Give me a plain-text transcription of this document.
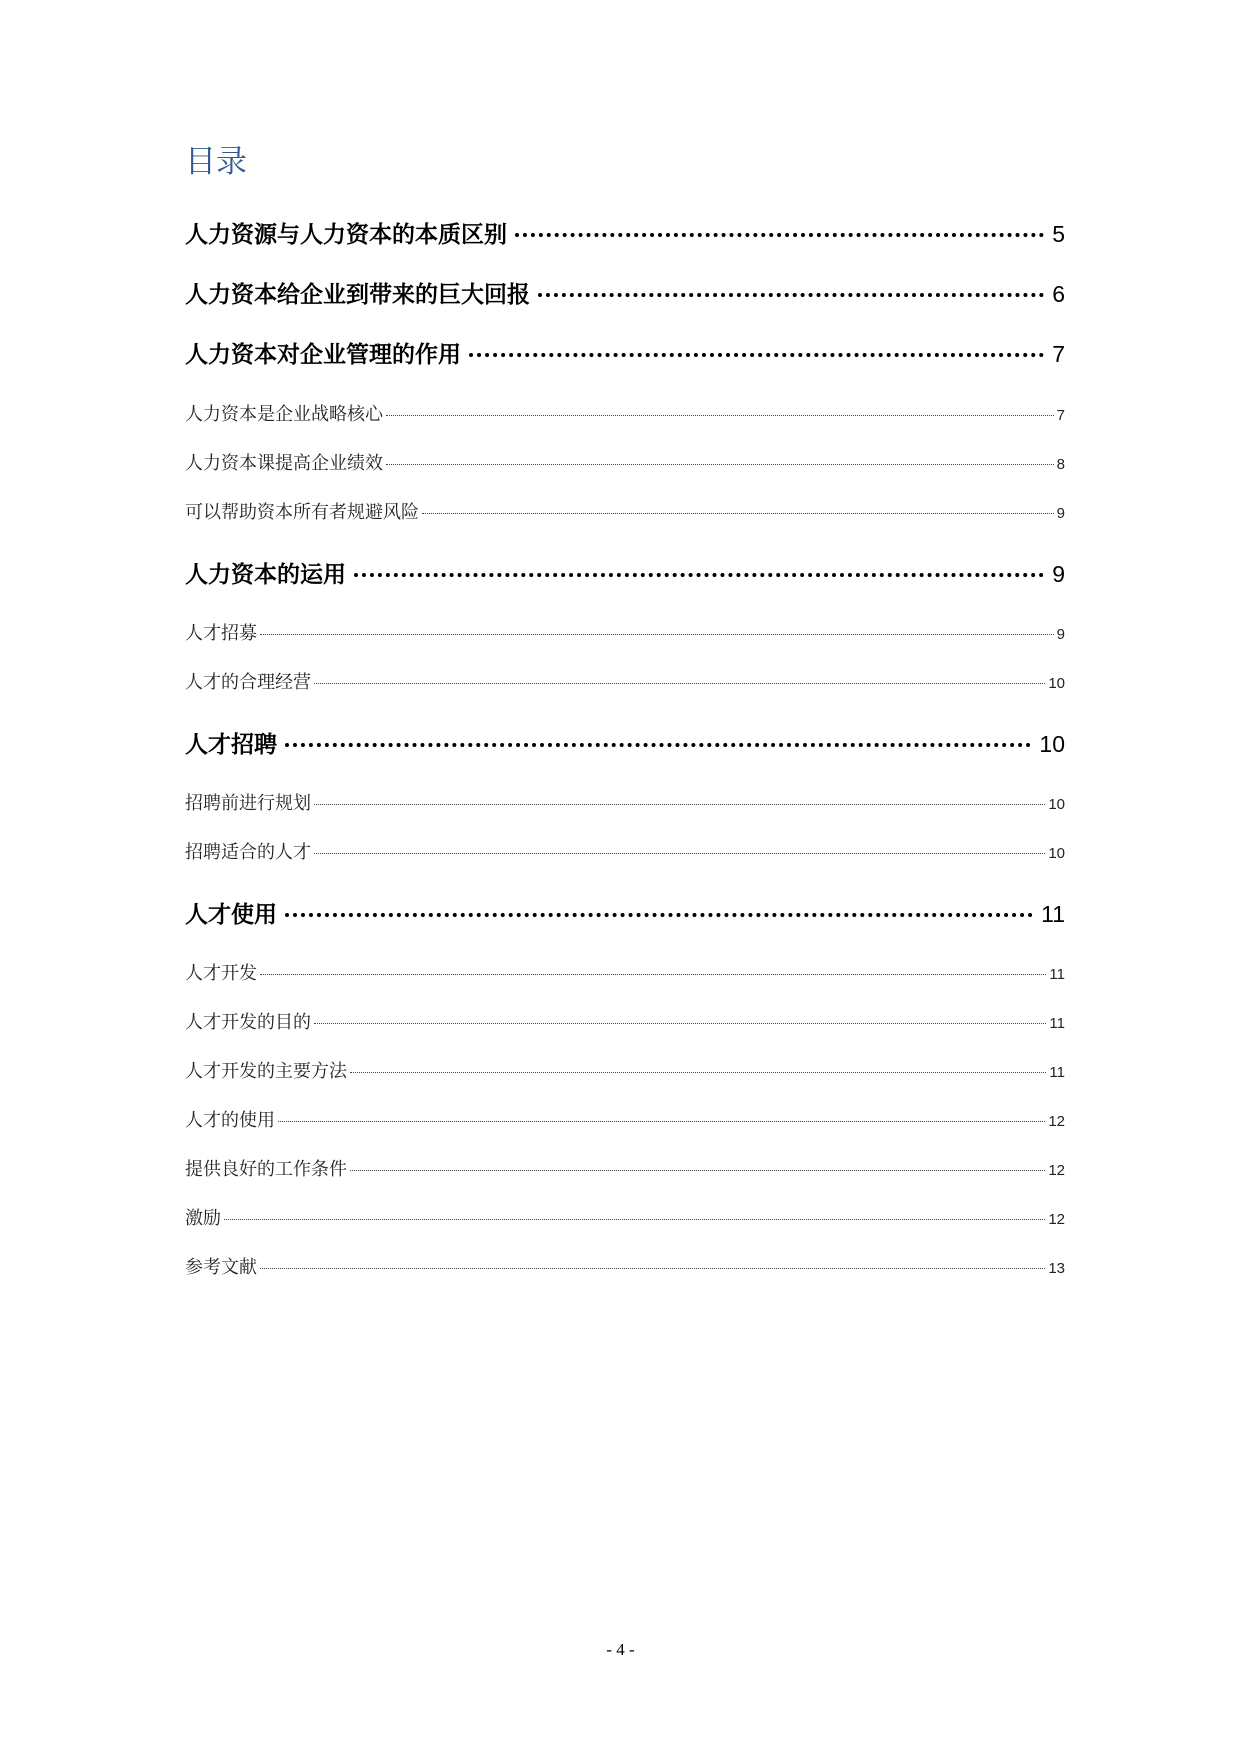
目录
人力资源与人力资本的本质区别	5
人力资本给企业到带来的巨大回报	6
人力资本对企业管理的作用	7
人力资本是企业战略核心	7
人力资本课提高企业绩效	8
可以帮助资本所有者规避风险	9
人力资本的运用	9
人才招募	9
人才的合理经营	10
人才招聘	10
招聘前进行规划	10
招聘适合的人才	10
人才使用	11
人才开发	11
人才开发的目的	11
人才开发的主要方法	11
人才的使用	12
提供良好的工作条件	12
激励	12
参考文献	13
- 4 -
